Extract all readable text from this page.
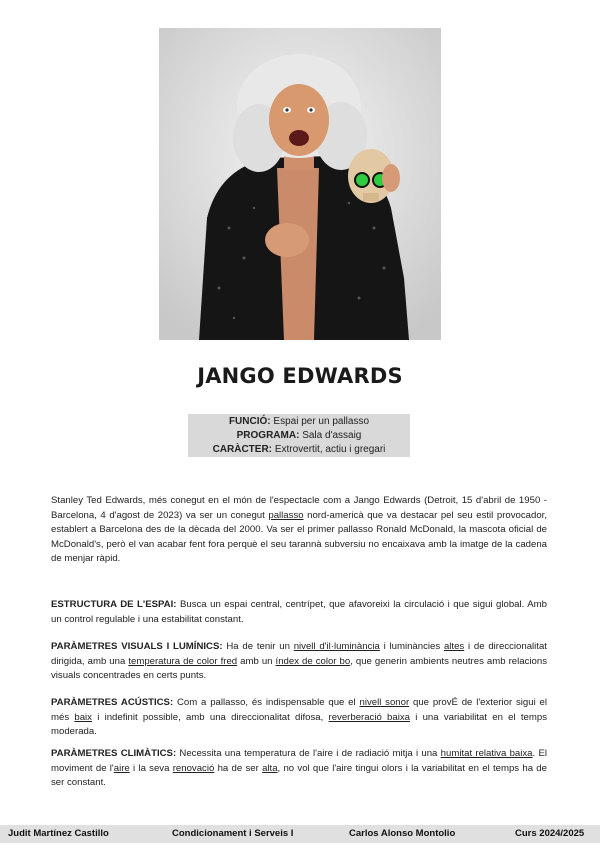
JANGO EDWARDS
FUNCIÓ: Espai per un pallasso
PROGRAMA: Sala d'assaig
CARÀCTER: Extrovertit, actiu i gregari
Stanley Ted Edwards, més conegut en el món de l'espectacle com a Jango Edwards (Detroit, 15 d'abril de 1950 - Barcelona, 4 d'agost de 2023) va ser un conegut pallasso nord-americà que va destacar pel seu estil provocador, establert a Barcelona des de la dècada del 2000. Va ser el primer pallasso Ronald McDonald, la mascota oficial de McDonald's, però el van acabar fent fora perquè el seu tarannà subversiu no encaixava amb la imatge de la cadena de menjar ràpid.
ESTRUCTURA DE L'ESPAI: Busca un espai central, centrípet, que afavoreixi la circulació i que sigui global. Amb un control regulable i una estabilitat constant.
PARÀMETRES VISUALS I LUMÍNICS: Ha de tenir un nivell d'il·luminància i luminàncies altes i de direccionalitat dirigida, amb una temperatura de color fred amb un índex de color bo, que generin ambients neutres amb relacions visuals concentrades en certs punts.
PARÀMETRES ACÚSTICS: Com a pallasso, és indispensable que el nivell sonor que provÉ de l'exterior sigui el més baix i indefinit possible, amb una direccionalitat difosa, reverberació baixa i una variabilitat en el temps moderada.
PARÀMETRES CLIMÀTICS: Necessita una temperatura de l'aire i de radiació mitja i una humitat relativa baixa. El moviment de l'aire i la seva renovació ha de ser alta, no vol que l'aire tingui olors i la variabilitat en el temps ha de ser constant.
Judit Martínez Castillo	Condicionament i Serveis I	Carlos Alonso Montolio	Curs 2024/2025
